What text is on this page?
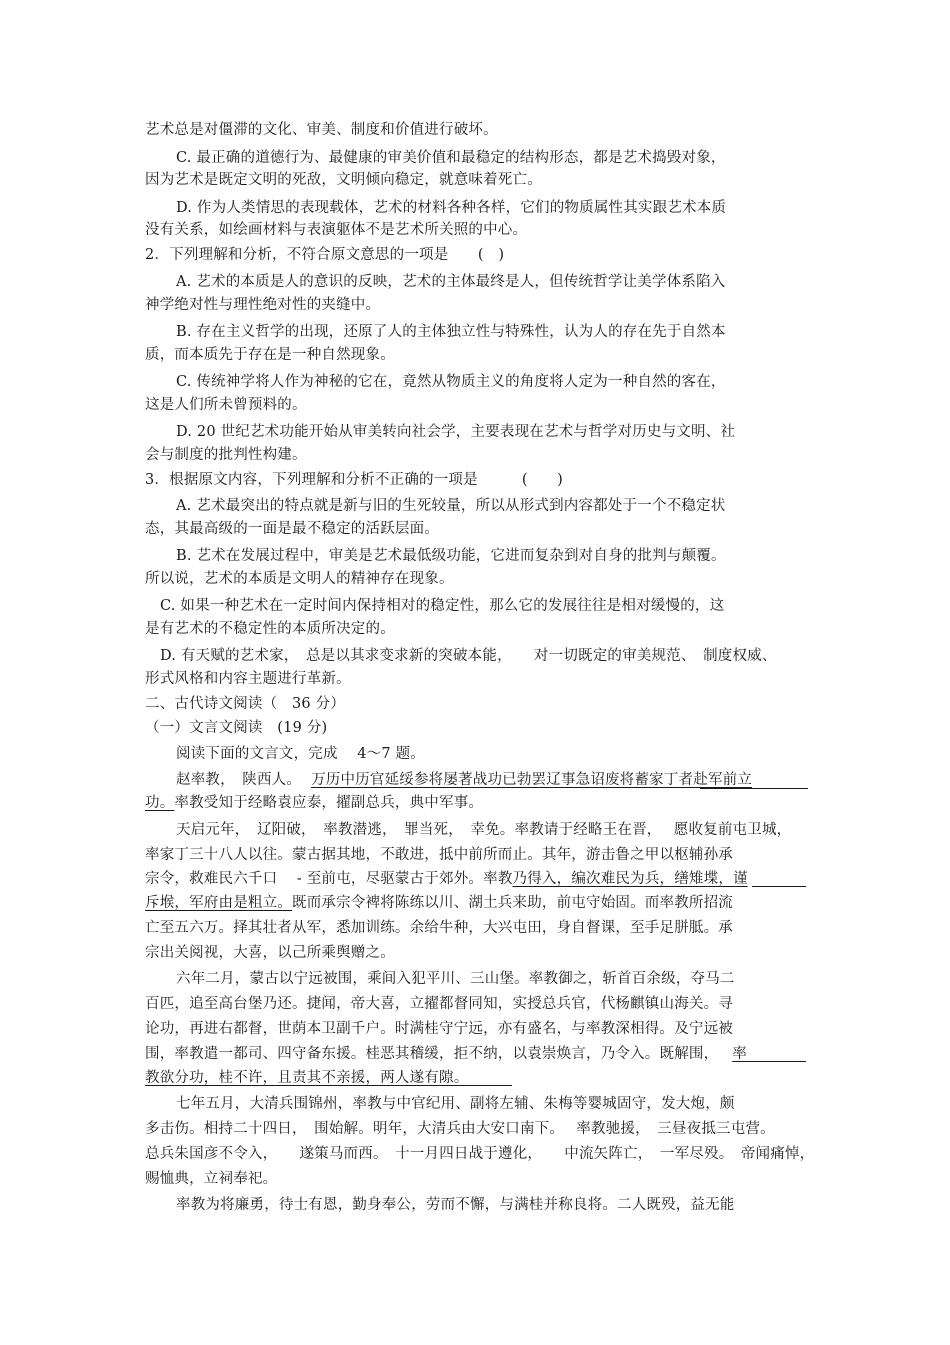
艺术总是对僵滞的文化、审美、制度和价值进行破坏。
C. 最正确的道德行为、最健康的审美价值和最稳定的结构形态，都是艺术捣毁对象，
因为艺术是既定文明的死敌，文明倾向稳定，就意味着死亡。
D. 作为人类情思的表现载体，艺术的材料各种各样，它们的物质属性其实跟艺术本质
没有关系，如绘画材料与表演躯体不是艺术所关照的中心。
2．下列理解和分析，不符合原文意思的一项是　　(　)
A. 艺术的本质是人的意识的反映，艺术的主体最终是人，但传统哲学让美学体系陷入
神学绝对性与理性绝对性的夹缝中。
B. 存在主义哲学的出现，还原了人的主体独立性与特殊性，认为人的存在先于自然本
质，而本质先于存在是一种自然现象。
C. 传统神学将人作为神秘的它在，竟然从物质主义的角度将人定为一种自然的客在，
这是人们所未曾预料的。
D. 20 世纪艺术功能开始从审美转向社会学，主要表现在艺术与哲学对历史与文明、社
会与制度的批判性构建。
3．根据原文内容，下列理解和分析不正确的一项是　　　(　　)
A. 艺术最突出的特点就是新与旧的生死较量，所以从形式到内容都处于一个不稳定状
态，其最高级的一面是最不稳定的活跃层面。
B. 艺术在发展过程中，审美是艺术最低级功能，它进而复杂到对自身的批判与颠覆。
所以说，艺术的本质是文明人的精神存在现象。
C. 如果一种艺术在一定时间内保持相对的稳定性，那么它的发展往往是相对缓慢的，这
是有艺术的不稳定性的本质所决定的。
D. 有天赋的艺术家，　总是以其求变求新的突破本能，　　对一切既定的审美规范、　制度权威、
形式风格和内容主题进行革新。
二、古代诗文阅读（　36 分）
（一）文言文阅读　(19 分)
阅读下面的文言文，完成　 4～7 题。
赵率教，　陕西人。 万历中历官延绥参将屡著战功已勃罢辽事急诏废将蓄家丁者赴军前立
功。率教受知于经略袁应泰，擢副总兵，典中军事。
天启元年，　辽阳破，　率教潜逃，　罪当死，　幸免。率教请于经略王在晋，　 愿收复前屯卫城，
率家丁三十八人以往。蒙古据其地，不敢进，抵中前所而止。其年，游击鲁之甲以枢辅孙承
宗令，救难民六千口　 - 至前屯，尽驱蒙古于郊外。率教乃得入，编次难民为兵，缮雉堞，谨
斥堠，军府由是粗立。既而承宗令裨将陈练以川、湖土兵来助，前屯守始固。而率教所招流
亡至五六万。择其壮者从军，悉加训练。余给牛种，大兴屯田，身自督课，至手足胼胝。承
宗出关阅视，大喜，以己所乘舆赠之。
六年二月，蒙古以宁远被围，乘间入犯平川、三山堡。率教御之，斩首百余级，夺马二
百匹，追至高台堡乃还。捷闻，帝大喜，立擢都督同知，实授总兵官，代杨麒镇山海关。寻
论功，再进右都督，世荫本卫副千户。时满桂守宁远，亦有盛名，与率教深相得。及宁远被
围，率教遣一都司、四守备东援。桂恶其稽缓，拒不纳，以袁崇焕言，乃令入。既解围， 率
教欲分功，桂不许，且责其不亲援，两人遂有隙。
七年五月，大清兵围锦州，率教与中官纪用、副将左辅、朱梅等婴城固守，发大炮，颇
多击伤。相持二十四日，　围始解。明年，大清兵由大安口南下。　 率教驰援，　三昼夜抵三屯营。
总兵朱国彦不令入，　　遂策马而西。　十一月四日战于遵化，　　中流矢阵亡，　一军尽殁。　帝闻痛悼，
赐恤典，立祠奉祀。
率教为将廉勇，待士有恩，勤身奉公，劳而不懈，与满桂并称良将。二人既殁，益无能
